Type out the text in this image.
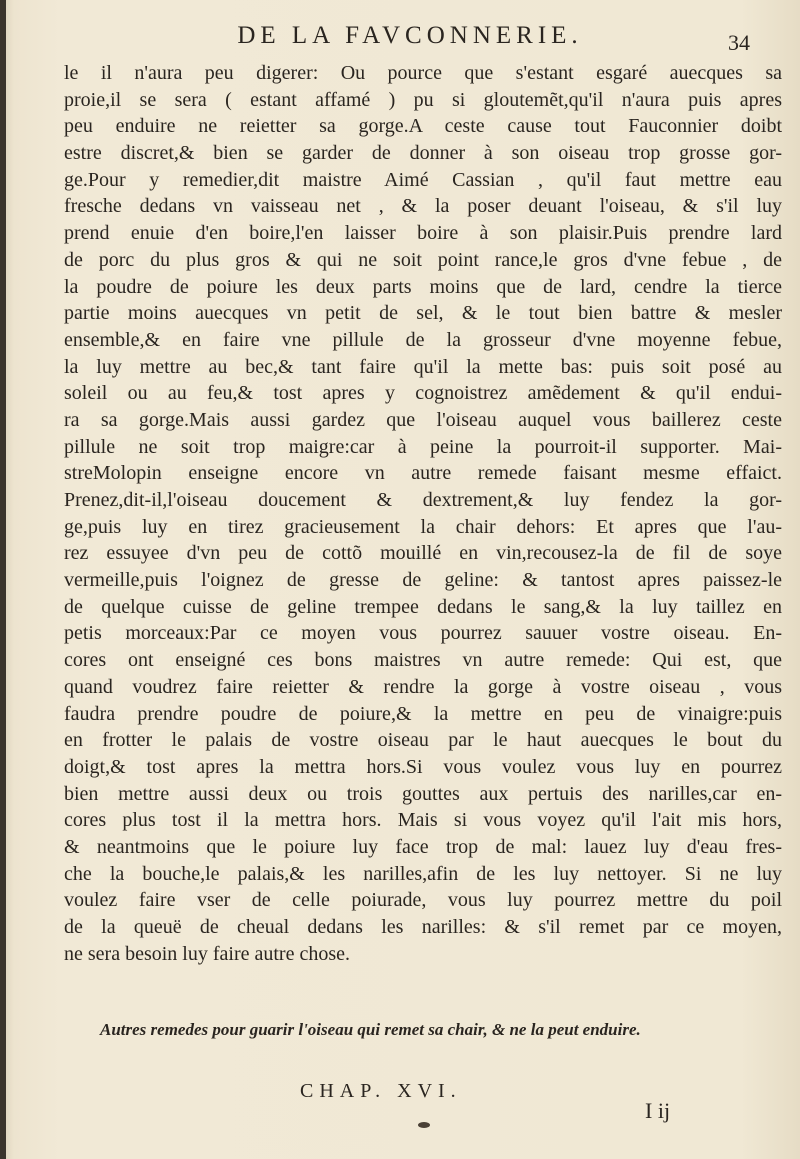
DE LA FAVCONNERIE.	34
le il n'aura peu digerer: Ou pource que s'estant esgaré auecques sa
proie,il se sera ( estant affamé ) pu si gloutemẽt,qu'il n'aura puis apres
peu enduire ne reietter sa gorge.A ceste cause tout Fauconnier doibt
estre discret,& bien se garder de donner à son oiseau trop grosse gor-
ge.Pour y remedier,dit maistre Aimé Cassian , qu'il faut mettre eau
fresche dedans vn vaisseau net , & la poser deuant l'oiseau, & s'il luy
prend enuie d'en boire,l'en laisser boire à son plaisir.Puis prendre lard
de porc du plus gros & qui ne soit point rance,le gros d'vne febue , de
la poudre de poiure les deux parts moins que de lard, cendre la tierce
partie moins auecques vn petit de sel, & le tout bien battre & mesler
ensemble,& en faire vne pillule de la grosseur d'vne moyenne febue,
la luy mettre au bec,& tant faire qu'il la mette bas: puis soit posé au
soleil ou au feu,& tost apres y cognoistrez amẽdement & qu'il endui-
ra sa gorge.Mais aussi gardez que l'oiseau auquel vous baillerez ceste
pillule ne soit trop maigre:car à peine la pourroit-il supporter. Mai-
streMolopin enseigne encore vn autre remede faisant mesme effaict.
Prenez,dit-il,l'oiseau doucement & dextrement,& luy fendez la gor-
ge,puis luy en tirez gracieusement la chair dehors: Et apres que l'au-
rez essuyee d'vn peu de cottõ mouillé en vin,recousez-la de fil de soye
vermeille,puis l'oignez de gresse de geline: & tantost apres paissez-le
de quelque cuisse de geline trempee dedans le sang,& la luy taillez en
petis morceaux:Par ce moyen vous pourrez sauuer vostre oiseau. En-
cores ont enseigné ces bons maistres vn autre remede: Qui est, que
quand voudrez faire reietter & rendre la gorge à vostre oiseau , vous
faudra prendre poudre de poiure,& la mettre en peu de vinaigre:puis
en frotter le palais de vostre oiseau par le haut auecques le bout du
doigt,& tost apres la mettra hors.Si vous voulez vous luy en pourrez
bien mettre aussi deux ou trois gouttes aux pertuis des narilles,car en-
cores plus tost il la mettra hors. Mais si vous voyez qu'il l'ait mis hors,
& neantmoins que le poiure luy face trop de mal: lauez luy d'eau fres-
che la bouche,le palais,& les narilles,afin de les luy nettoyer. Si ne luy
voulez faire vser de celle poiurade, vous luy pourrez mettre du poil
de la queuë de cheual dedans les narilles: & s'il remet par ce moyen,
ne sera besoin luy faire autre chose.
Autres remedes pour guarir l'oiseau qui remet sa chair, & ne la peut enduire.
CHAP. XVI.
I ij
